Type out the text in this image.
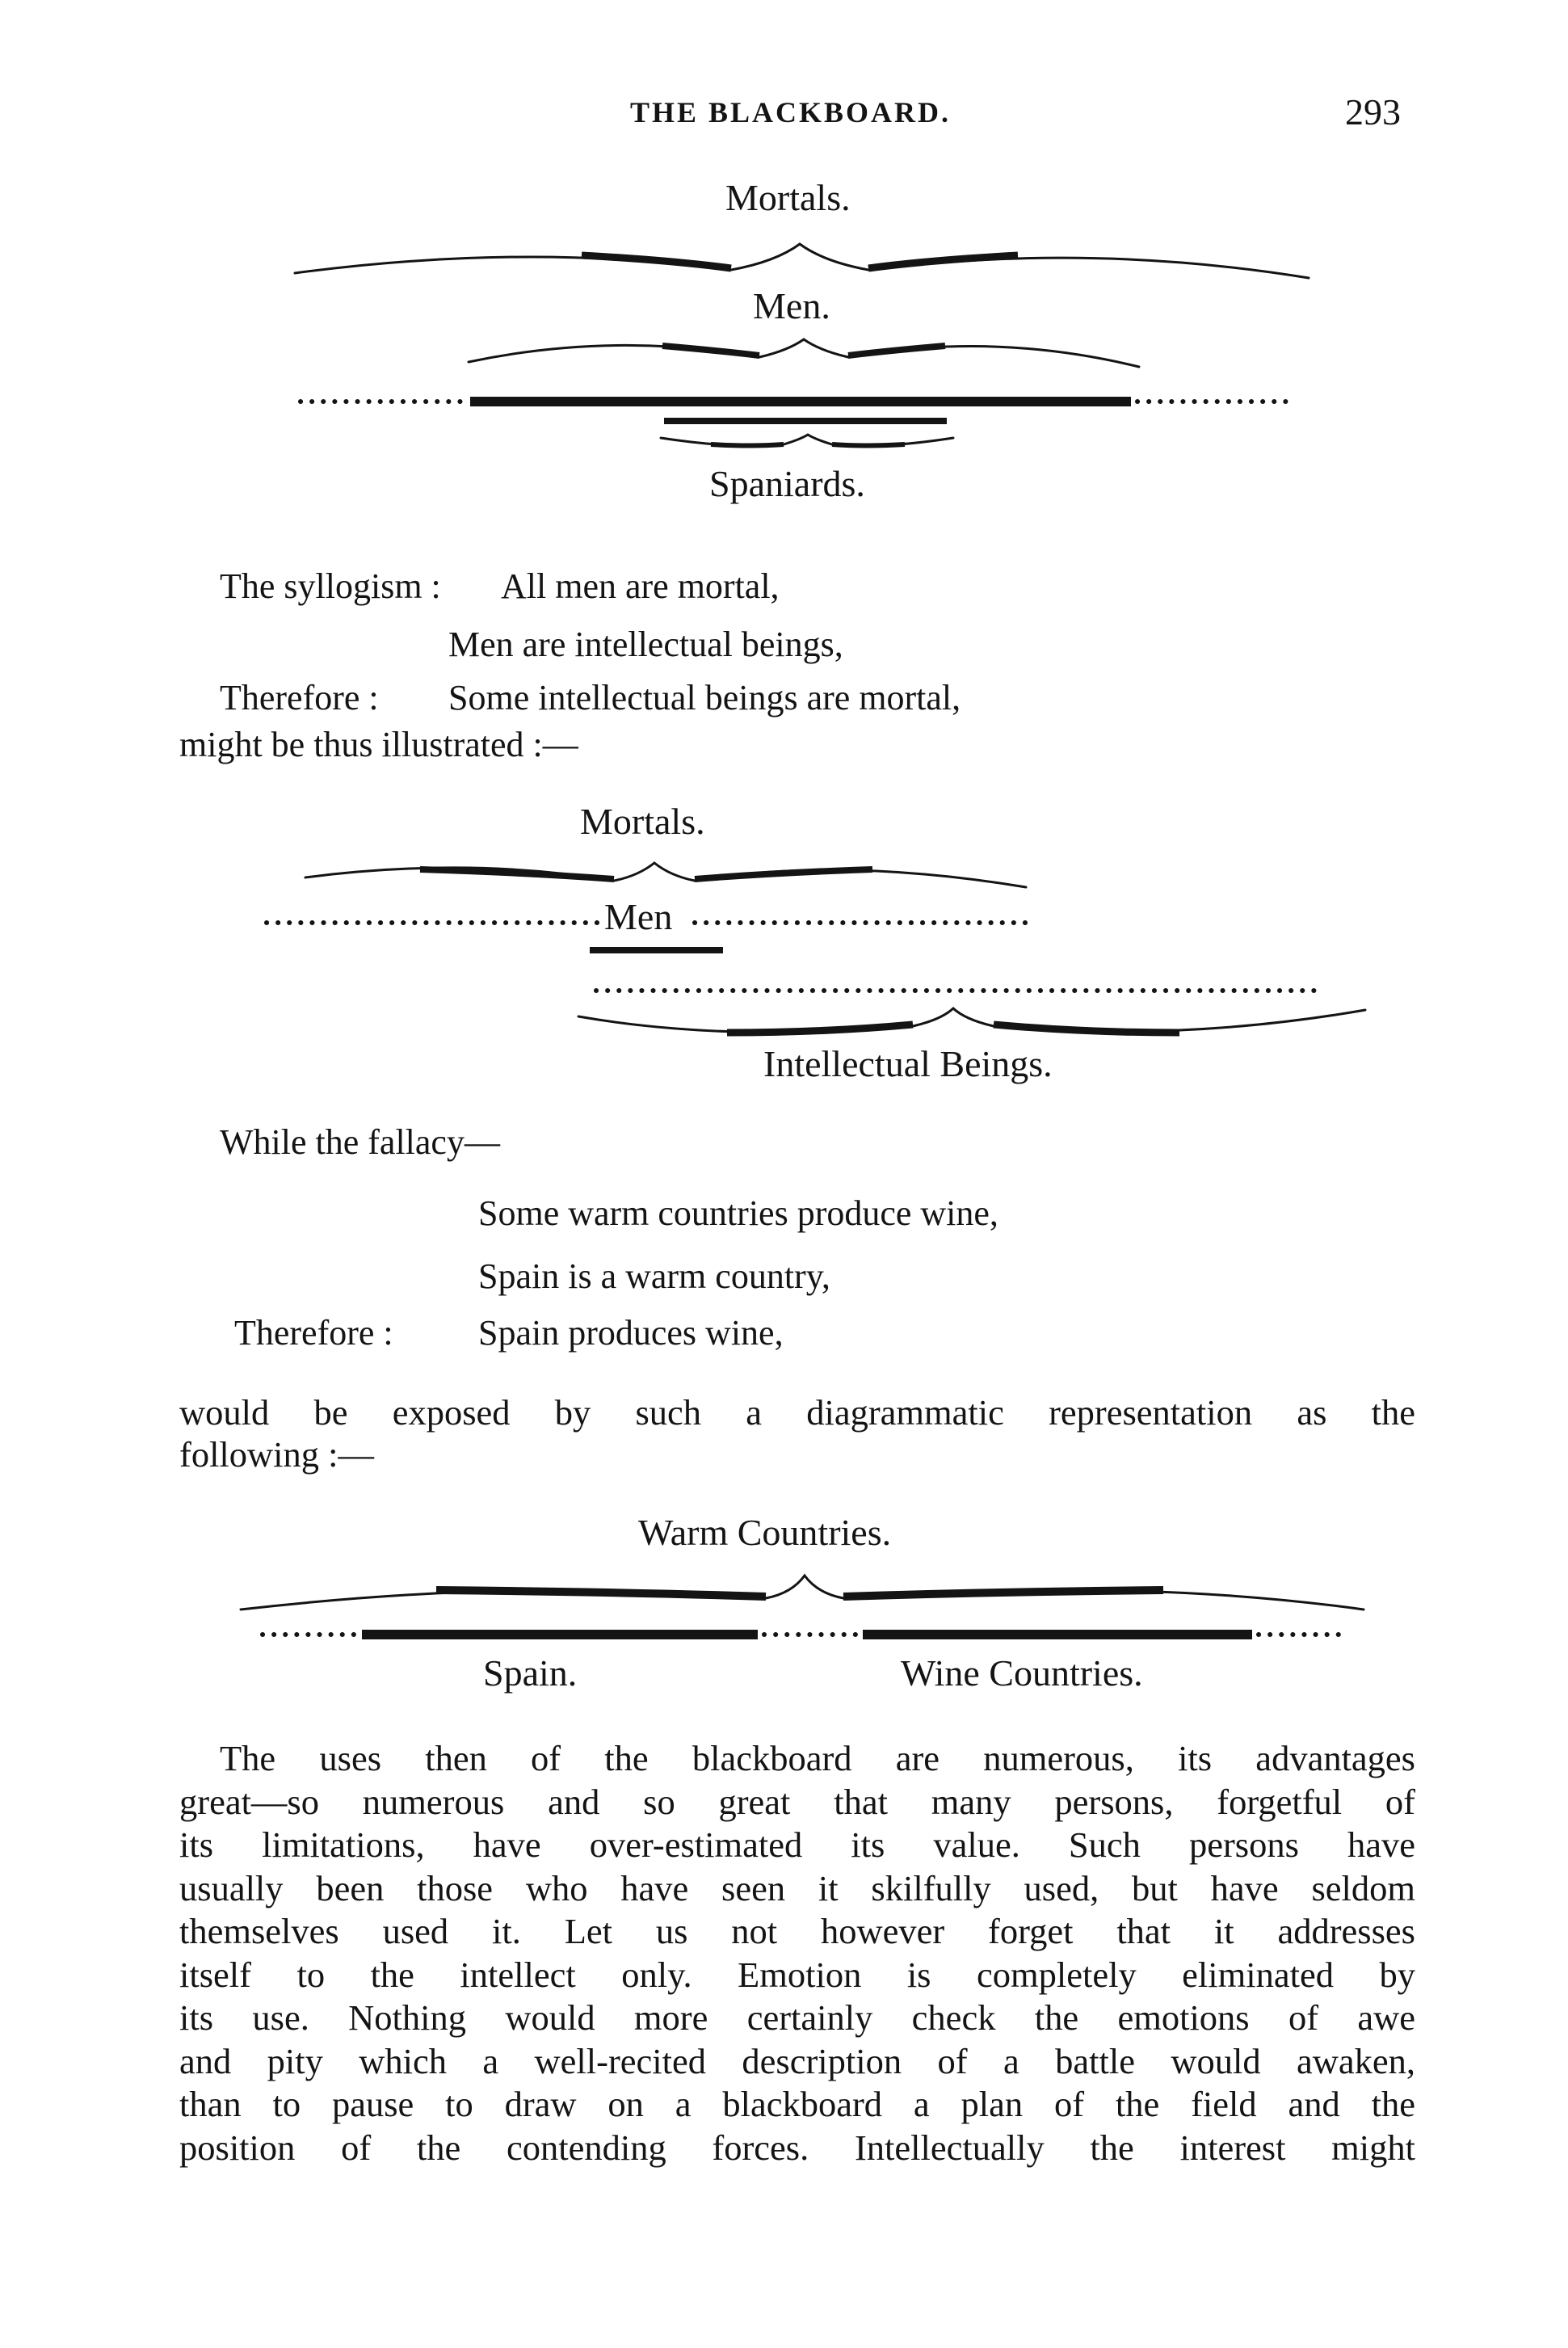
THE BLACKBOARD.	293
Mortals.
Men.
Spaniards.
The syllogism : All men are mortal,
Men are intellectual beings,
Therefore : Some intellectual beings are mortal,
might be thus illustrated :—
Mortals.
Men
Intellectual Beings.
While the fallacy—
Some warm countries produce wine,
Spain is a warm country,
Therefore : Spain produces wine,
would be exposed by such a diagrammatic representation as the
following :—
Warm Countries.
Spain.	Wine Countries.
The uses then of the blackboard are numerous, its advantages
great—so numerous and so great that many persons, forgetful of
its limitations, have over-estimated its value. Such persons have
usually been those who have seen it skilfully used, but have seldom
themselves used it. Let us not however forget that it addresses
itself to the intellect only. Emotion is completely eliminated by
its use. Nothing would more certainly check the emotions of awe
and pity which a well-recited description of a battle would awaken,
than to pause to draw on a blackboard a plan of the field and the
position of the contending forces. Intellectually the interest might
